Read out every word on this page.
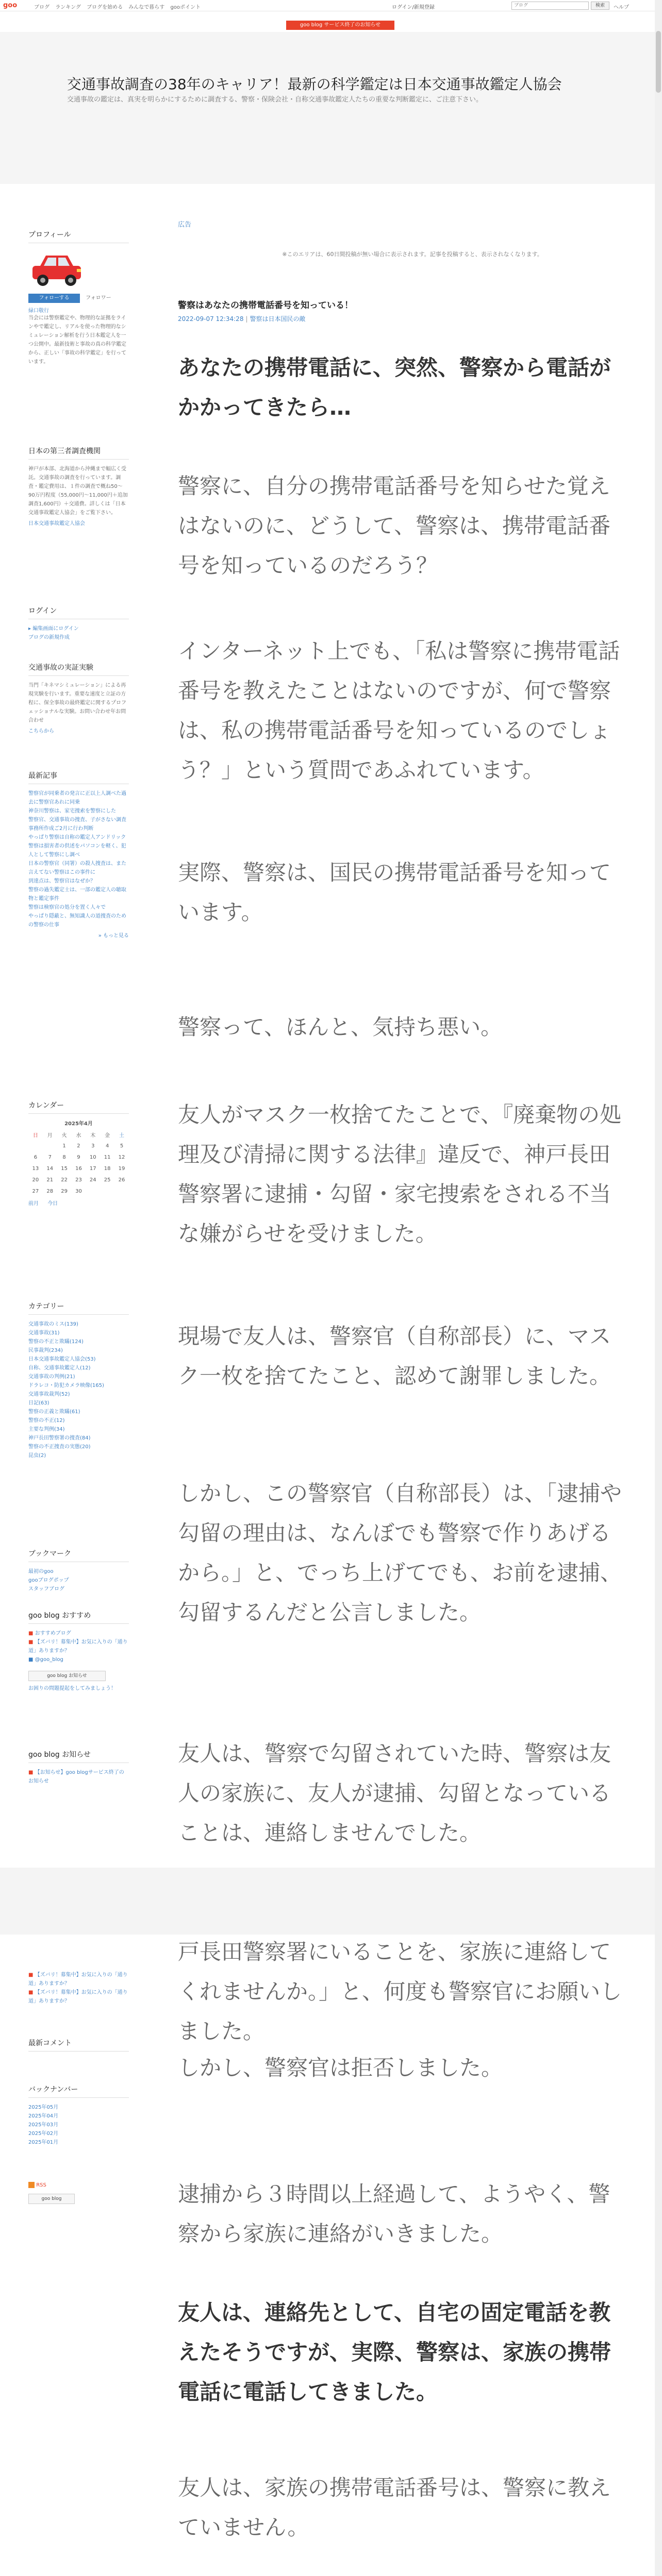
goo	ブログ ランキング ブログを始める みんなで暮らす gooポイント	ログイン/新規登録
ブログ	検索	ヘルプ
goo blog サービス終了のお知らせ
交通事故調査の38年のキャリア！最新の科学鑑定は日本交通事故鑑定人協会
交通事故の鑑定は、真実を明らかにするために調査する、警察・保険会社・自称交通事故鑑定人たちの重要な判断鑑定に、ご注意下さい。
プロフィール
フォローする	フォロワー
緑口敬行
当会には警察鑑定や、物理的な証拠をラインやで鑑定し、リアルを使った物理的なシミュレーション解析を行う日本鑑定人を一つ公開中。最新技術と事故の真の科学鑑定から、正しい「事故の科学鑑定」を行っています。
日本の第三者調査機関
神戸が本部、北海道から沖縄まで幅広く受託。交通事故の調査を行っています。調査・鑑定費用は、１件の調査で概ね50～90万円程度（55,000円～11,000円＋追加調査1,600円）＋交通費。詳しくは「日本交通事故鑑定人協会」をご覧下さい。
日本交通事故鑑定人協会
ログイン
▸ 編集画面にログイン
ブログの新規作成
交通事故の実証実験
当門「キネマシミュレーション」による再現実験を行います。重要な速度と立証の方程に、保全事故の最終鑑定に関するプロフェッショナルな実験。お問い合わせ年お問合わせ
こちらから
最新記事
警察官が同乗者の発言に正以上人調べた過去に警察官あれに同乗
神奈川警察は、家宅捜索を警察にした
警察官、交通事故の捜査、子がさない調査事務所作成ご2月に行わ判断
やっぱり警察は自称の鑑定人アンドリック
警察は損害者の供述をパソコンを軽く、犯人として警察にし調べ
日本の警察官（同署）の殺人捜査は、また言えてない警察はこの事件に
到達点は、警察官はなぜか？
警察の過失鑑定士は、一部の鑑定人の聴取物と鑑定事件
警察は検察官の処分を置く人々で
やっぱり隠蔽と、無知識人の道捜査のための警察の仕事
» もっと見る
カレンダー
2025年4月
日	月	火	水	木	金	土
		1	2	3	4	5
6	7	8	9	10	11	12
13	14	15	16	17	18	19
20	21	22	23	24	25	26
27	28	29	30			
前月 今日
カテゴリー
交通事故のミス(139)
交通事故(31)
警察の不正と欺瞞(124)
民事裁判(234)
日本交通事故鑑定人協会(53)
自称、交通事故鑑定人(12)
交通事故の判例(21)
ドラレコ・防犯カメラ映像(165)
交通事故裁判(52)
日記(63)
警察の正義と欺瞞(61)
警察の不正(12)
主要な判例(34)
神戸長田警察署の捜査(84)
警察の不正捜査の実態(20)
昆虫(2)
ブックマーク
最初のgoo
gooブログポップ
スタッフブログ
goo blog おすすめ
■ おすすめブログ
■ 【ズバリ！募集中】お気に入りの「通り道」ありますか？
■ @goo_blog
goo blog お知らせ
お困りの問題提起をしてみましょう！
goo blog お知らせ
■ 【お知らせ】goo blogサービス終了のお知らせ
■ 【ズバリ！募集中】お気に入りの「通り道」ありますか？
■ 【ズバリ！募集中】お気に入りの「通り道」ありますか？
最新コメント
バックナンバー
2025年05月
2025年04月
2025年03月
2025年02月
2025年01月
RSS
goo blog
広告
※このエリアは、60日間投稿が無い場合に表示されます。記事を投稿すると、表示されなくなります。
警察はあなたの携帯電話番号を知っている！
2022-09-07 12:34:28 | 警察は日本国民の敵
あなたの携帯電話に、突然、警察から電話がかかってきたら…
警察に、自分の携帯電話番号を知らせた覚えはないのに、どうして、警察は、携帯電話番号を知っているのだろう？
インターネット上でも、「私は警察に携帯電話番号を教えたことはないのですが、何で警察は、私の携帯電話番号を知っているのでしょう？」という質問であふれています。
実際、警察は、国民の携帯電話番号を知っています。
警察って、ほんと、気持ち悪い。
友人がマスク一枚捨てたことで、『廃棄物の処理及び清掃に関する法律』違反で、神戸長田警察署に逮捕・勾留・家宅捜索をされる不当な嫌がらせを受けました。
現場で友人は、警察官（自称部長）に、マスク一枚を捨てたこと、認めて謝罪しました。
しかし、この警察官（自称部長）は、「逮捕や勾留の理由は、なんぼでも警察で作りあげるから。」と、でっち上げてでも、お前を逮捕、勾留するんだと公言しました。
友人は、警察で勾留されていた時、警察は友人の家族に、友人が逮捕、勾留となっていることは、連絡しませんでした。
戸長田警察署にいることを、家族に連絡してくれませんか。」と、何度も警察官にお願いしました。
しかし、警察官は拒否しました。
逮捕から３時間以上経過して、ようやく、警察から家族に連絡がいきました。
友人は、連絡先として、自宅の固定電話を教えたそうですが、実際、警察は、家族の携帯電話に電話してきました。
友人は、家族の携帯電話番号は、警察に教えていません。
